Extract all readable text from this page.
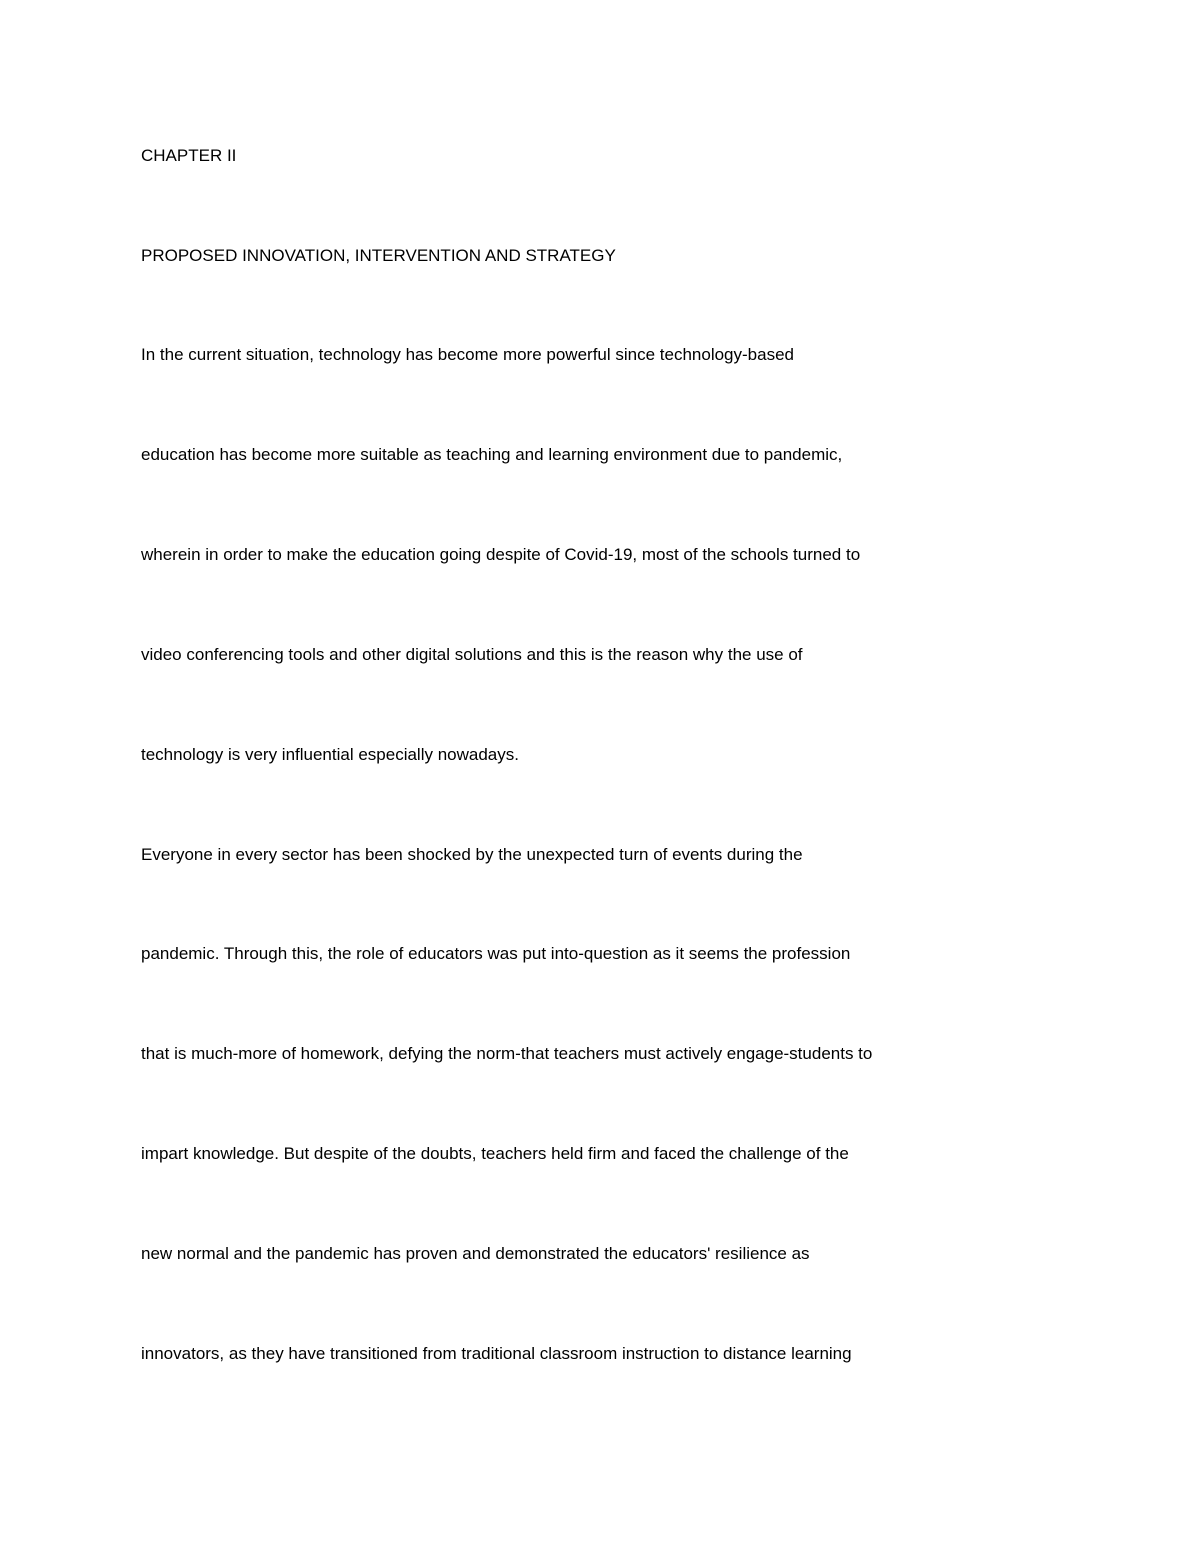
CHAPTER II

PROPOSED INNOVATION, INTERVENTION AND STRATEGY

In the current situation, technology has become more powerful since technology-based

education has become more suitable as teaching and learning environment due to pandemic,

wherein in order to make the education going despite of Covid-19, most of the schools turned to

video conferencing tools and other digital solutions and this is the reason why the use of

technology is very influential especially nowadays.

Everyone in every sector has been shocked by the unexpected turn of events during the

pandemic. Through this, the role of educators was put into-question as it seems the profession

that is much-more of homework, defying the norm-that teachers must actively engage-students to

impart knowledge. But despite of the doubts, teachers held firm and faced the challenge of the

new normal and the pandemic has proven and demonstrated the educators' resilience as

innovators, as they have transitioned from traditional classroom instruction to distance learning
